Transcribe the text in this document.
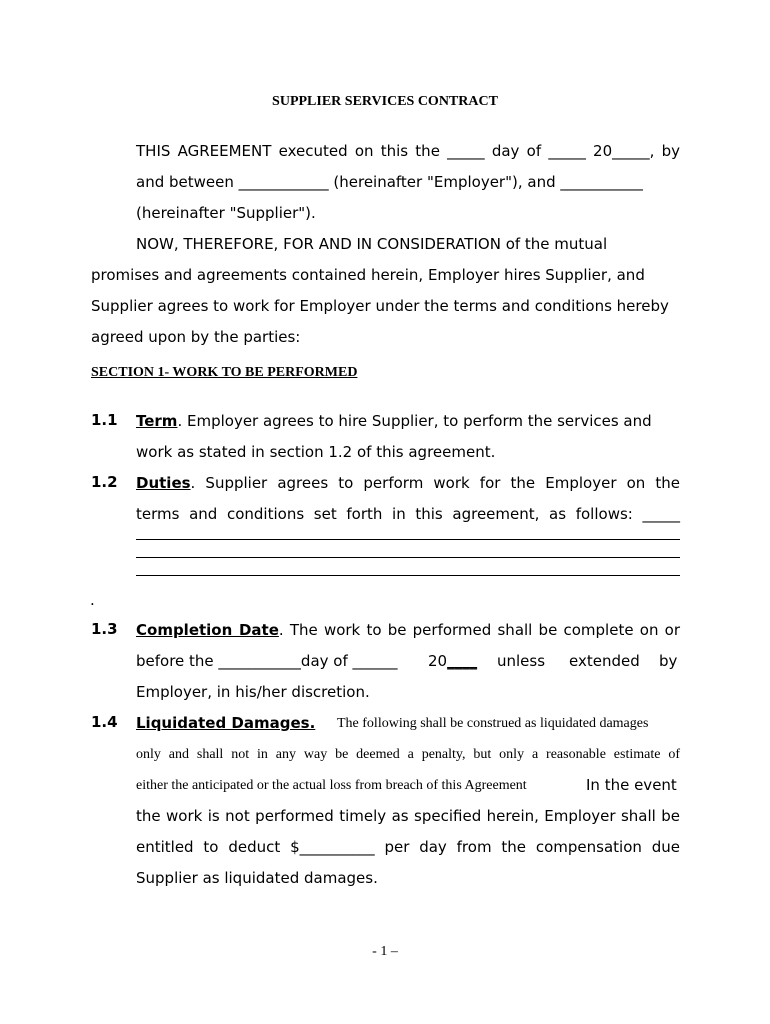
SUPPLIER SERVICES CONTRACT
THIS AGREEMENT executed on this the _____ day of _____ 20_____, by
and between ____________ (hereinafter "Employer"), and ___________
(hereinafter "Supplier").
NOW, THEREFORE, FOR AND IN CONSIDERATION of the mutual
promises and agreements contained herein, Employer hires Supplier, and
Supplier agrees to work for Employer under the terms and conditions hereby
agreed upon by the parties:
SECTION 1- WORK TO BE PERFORMED
1.1 Term. Employer agrees to hire Supplier, to perform the services and
work as stated in section 1.2 of this agreement.
1.2 Duties. Supplier agrees to perform work for the Employer on the
terms and conditions set forth in this agreement, as follows: _____
.
1.3 Completion Date. The work to be performed shall be complete on or
before the ___________day of ______ 20____ unless extended by
Employer, in his/her discretion.
1.4 Liquidated Damages. The following shall be construed as liquidated damages
only and shall not in any way be deemed a penalty, but only a reasonable estimate of
either the anticipated or the actual loss from breach of this Agreement	In the event
the work is not performed timely as specified herein, Employer shall be
entitled to deduct $__________ per day from the compensation due
Supplier as liquidated damages.
- 1 –
